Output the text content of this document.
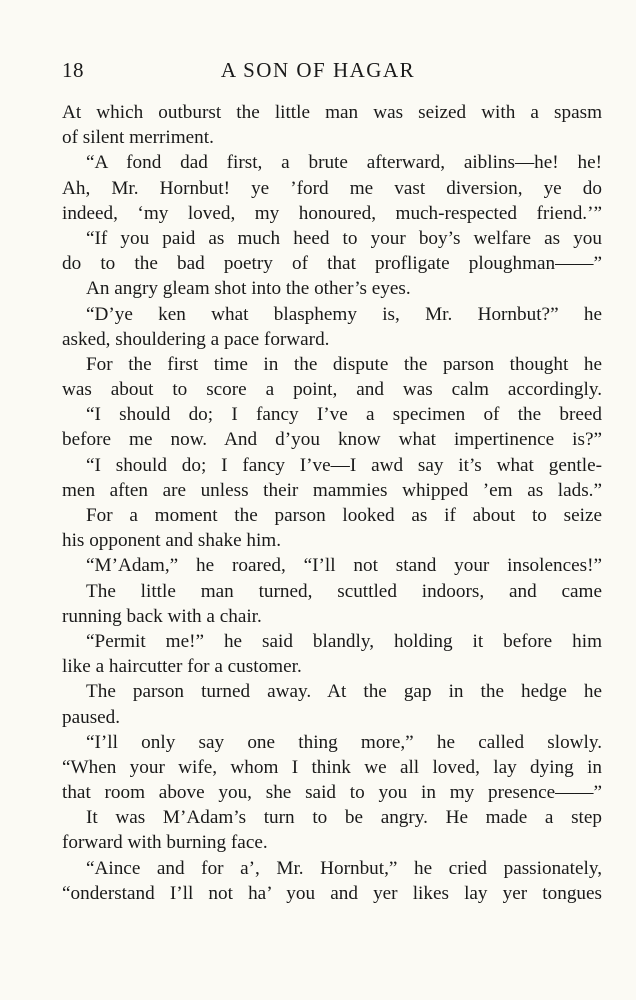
18	A SON OF HAGAR
At which outburst the little man was seized with a spasm
of silent merriment.
“A fond dad first, a brute afterward, aiblins—he! he!
Ah, Mr. Hornbut! ye ’ford me vast diversion, ye do
indeed, ‘my loved, my honoured, much-respected friend.’”
“If you paid as much heed to your boy’s welfare as you
do to the bad poetry of that profligate ploughman——”
An angry gleam shot into the other’s eyes.
“D’ye ken what blasphemy is, Mr. Hornbut?” he
asked, shouldering a pace forward.
For the first time in the dispute the parson thought he
was about to score a point, and was calm accordingly.
“I should do; I fancy I’ve a specimen of the breed
before me now. And d’you know what impertinence is?”
“I should do; I fancy I’ve—I awd say it’s what gentle-
men aften are unless their mammies whipped ’em as lads.”
For a moment the parson looked as if about to seize
his opponent and shake him.
“M’Adam,” he roared, “I’ll not stand your insolences!”
The little man turned, scuttled indoors, and came
running back with a chair.
“Permit me!” he said blandly, holding it before him
like a haircutter for a customer.
The parson turned away. At the gap in the hedge he
paused.
“I’ll only say one thing more,” he called slowly.
“When your wife, whom I think we all loved, lay dying in
that room above you, she said to you in my presence——”
It was M’Adam’s turn to be angry. He made a step
forward with burning face.
“Aince and for a’, Mr. Hornbut,” he cried passionately,
“onderstand I’ll not ha’ you and yer likes lay yer tongues
